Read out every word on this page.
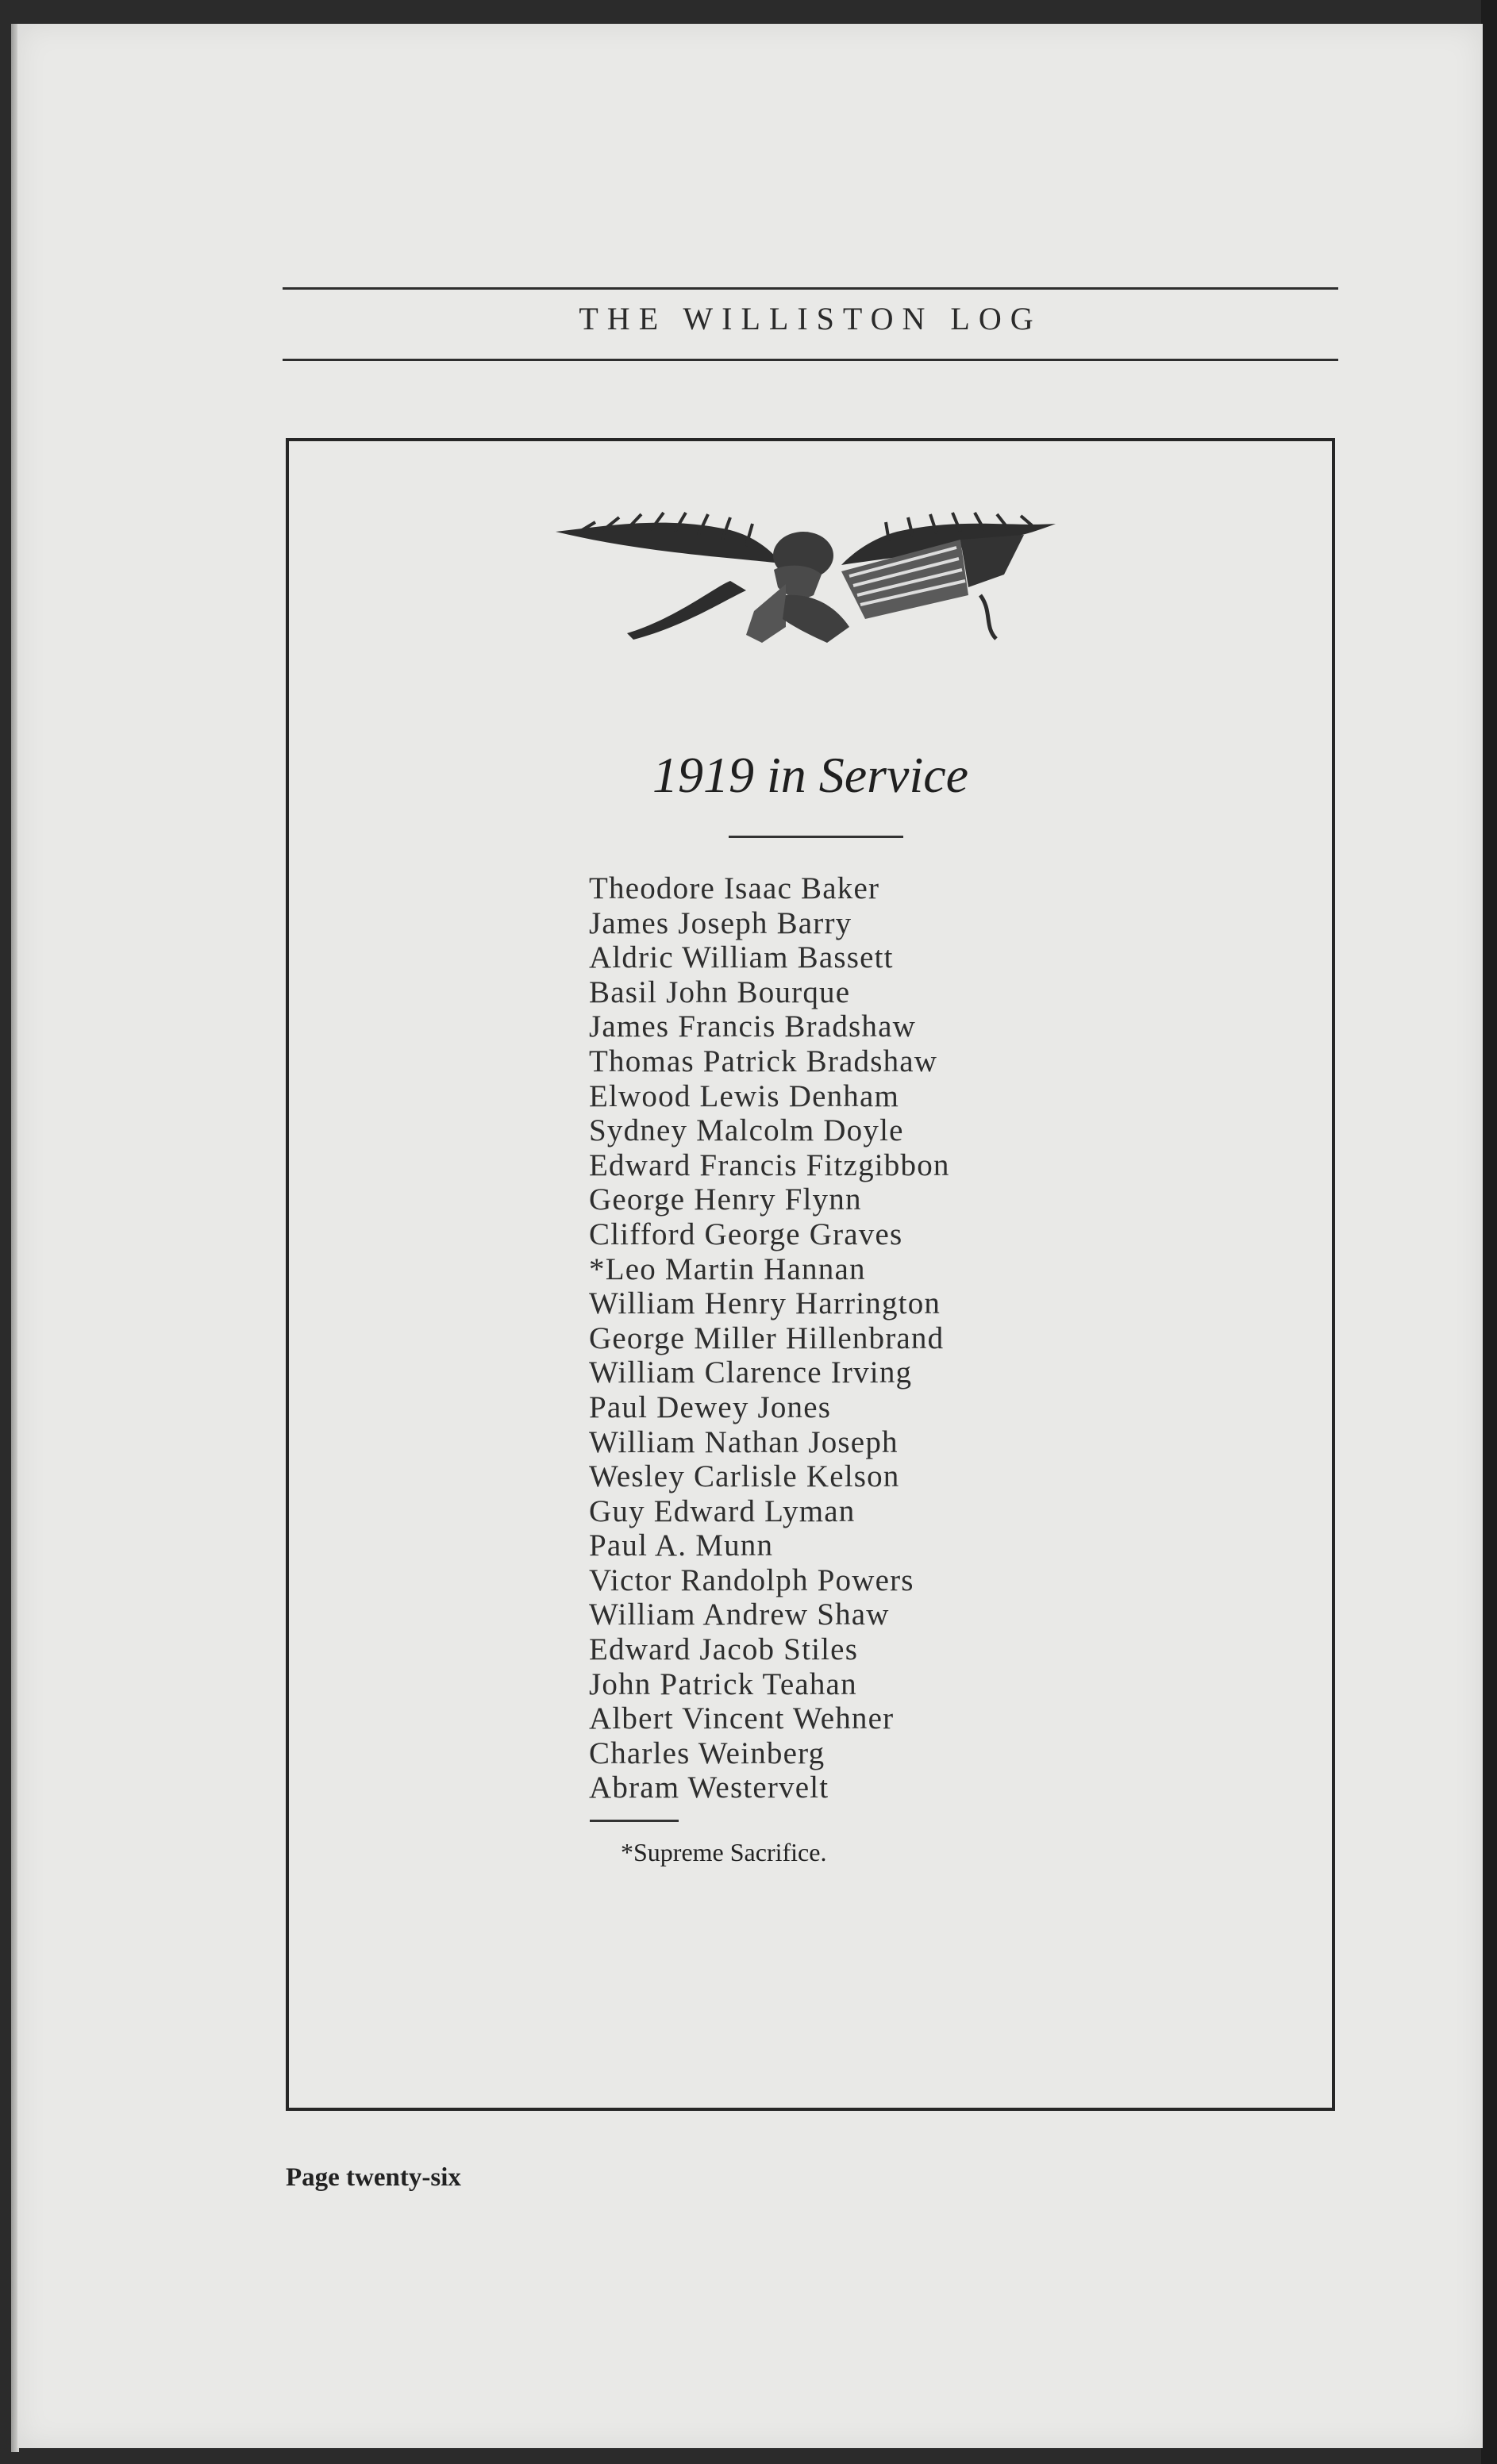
THE WILLISTON LOG
1919 in Service
Theodore Isaac Baker
James Joseph Barry
Aldric William Bassett
Basil John Bourque
James Francis Bradshaw
Thomas Patrick Bradshaw
Elwood Lewis Denham
Sydney Malcolm Doyle
Edward Francis Fitzgibbon
George Henry Flynn
Clifford George Graves
*Leo Martin Hannan
William Henry Harrington
George Miller Hillenbrand
William Clarence Irving
Paul Dewey Jones
William Nathan Joseph
Wesley Carlisle Kelson
Guy Edward Lyman
Paul A. Munn
Victor Randolph Powers
William Andrew Shaw
Edward Jacob Stiles
John Patrick Teahan
Albert Vincent Wehner
Charles Weinberg
Abram Westervelt
*Supreme Sacrifice.
Page twenty-six
